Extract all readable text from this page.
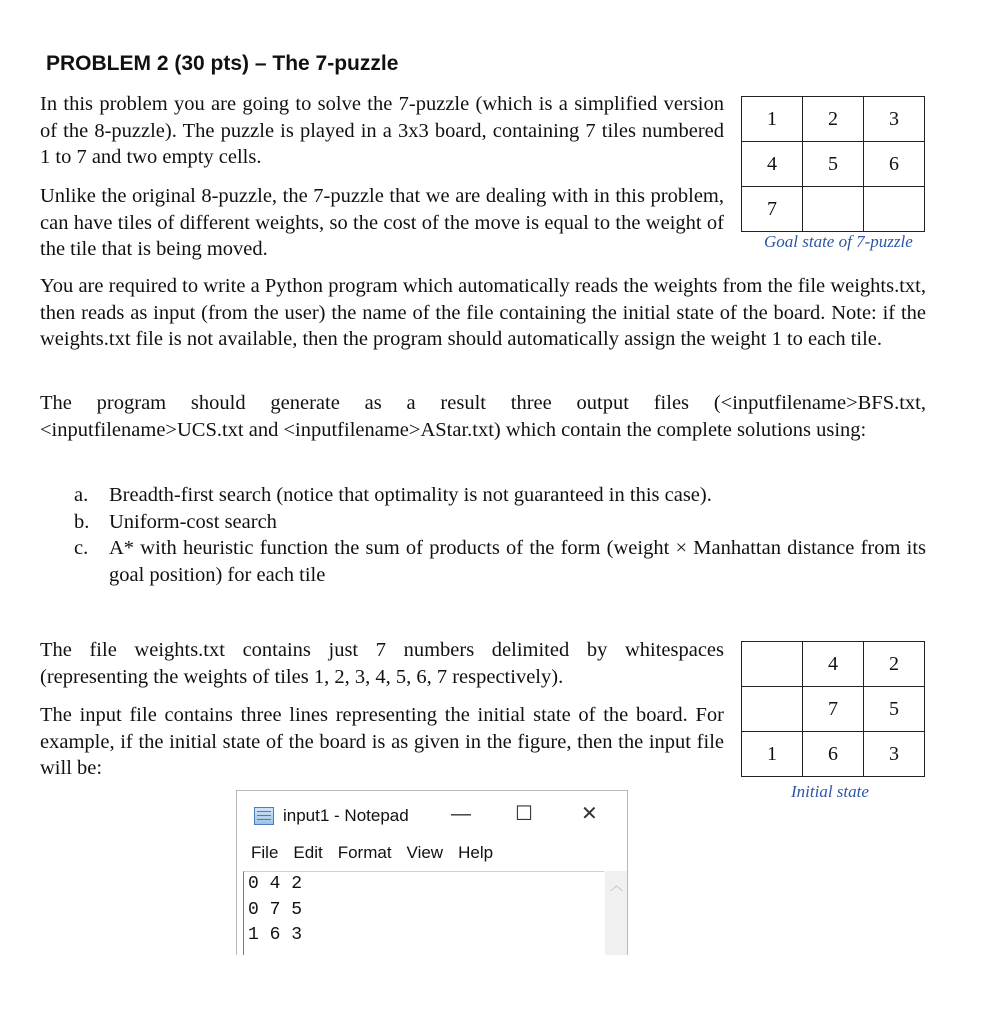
PROBLEM 2 (30 pts) – The 7-puzzle
In this problem you are going to solve the 7-puzzle (which is a simplified version of the 8-puzzle). The puzzle is played in a 3x3 board, containing 7 tiles numbered 1 to 7 and two empty cells.
Unlike the original 8-puzzle, the 7-puzzle that we are dealing with in this problem, can have tiles of different weights, so the cost of the move is equal to the weight of the tile that is being moved.
You are required to write a Python program which automatically reads the weights from the file weights.txt, then reads as input (from the user) the name of the file containing the initial state of the board. Note: if the weights.txt file is not available, then the program should automatically assign the weight 1 to each tile.
The program should generate as a result three output files (<inputfilename>BFS.txt, <inputfilename>UCS.txt and <inputfilename>AStar.txt) which contain the complete solutions using:
a.	Breadth-first search (notice that optimality is not guaranteed in this case).
b. Uniform-cost search
c.	A* with heuristic function the sum of products of the form (weight × Manhattan distance from its goal position) for each tile
The file weights.txt contains just 7 numbers delimited by whitespaces (representing the weights of tiles 1, 2, 3, 4, 5, 6, 7 respectively).
The input file contains three lines representing the initial state of the board. For example, if the initial state of the board is as given in the figure, then the input file will be:
1	2	3
4	5	6
7		
Goal state of 7-puzzle
	4	2
	7	5
1	6	3
Initial state
input1 - Notepad — ☐ ✕
File Edit Format View Help
0 4 2
0 7 5
1 6 3
︿
